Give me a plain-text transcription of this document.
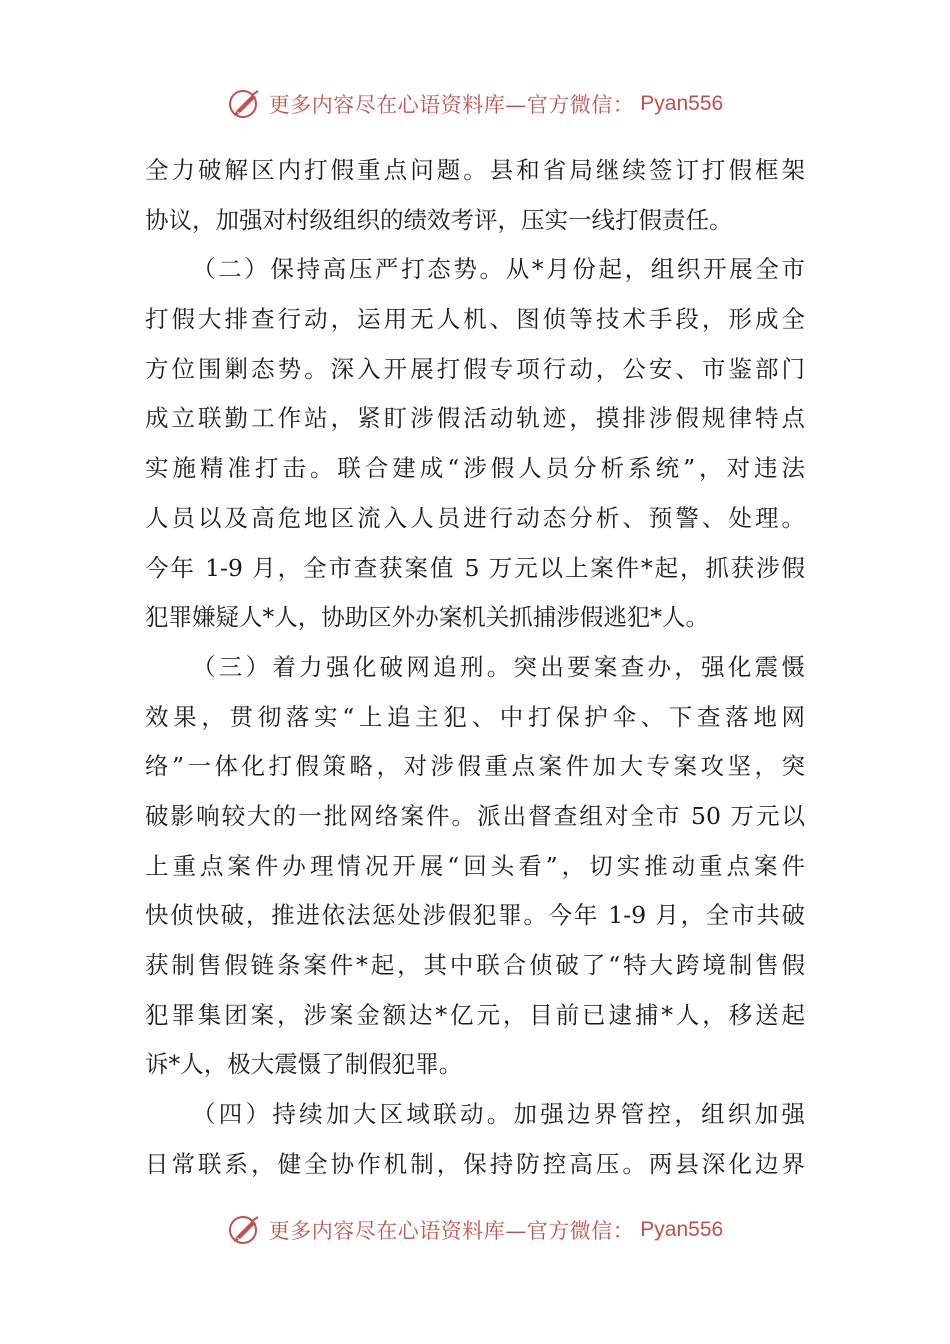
更多内容尽在心语资料库—官方微信： Pyan556
全力破解区内打假重点问题。县和省局继续签订打假框架
协议，加强对村级组织的绩效考评，压实一线打假责任。
（二）保持高压严打态势。从*月份起，组织开展全市
打假大排查行动，运用无人机、图侦等技术手段，形成全
方位围剿态势。深入开展打假专项行动，公安、市鉴部门
成立联勤工作站，紧盯涉假活动轨迹，摸排涉假规律特点
实施精准打击。联合建成“涉假人员分析系统”，对违法
人员以及高危地区流入人员进行动态分析、预警、处理。
今年 1-9 月，全市查获案值 5 万元以上案件*起，抓获涉假
犯罪嫌疑人*人，协助区外办案机关抓捕涉假逃犯*人。
（三）着力强化破网追刑。突出要案查办，强化震慑
效果，贯彻落实“上追主犯、中打保护伞、下查落地网
络”一体化打假策略，对涉假重点案件加大专案攻坚，突
破影响较大的一批网络案件。派出督查组对全市 50 万元以
上重点案件办理情况开展“回头看”，切实推动重点案件
快侦快破，推进依法惩处涉假犯罪。今年 1-9 月，全市共破
获制售假链条案件*起，其中联合侦破了“特大跨境制售假
犯罪集团案，涉案金额达*亿元，目前已逮捕*人，移送起
诉*人，极大震慑了制假犯罪。
（四）持续加大区域联动。加强边界管控，组织加强
日常联系，健全协作机制，保持防控高压。两县深化边界
更多内容尽在心语资料库—官方微信： Pyan556
